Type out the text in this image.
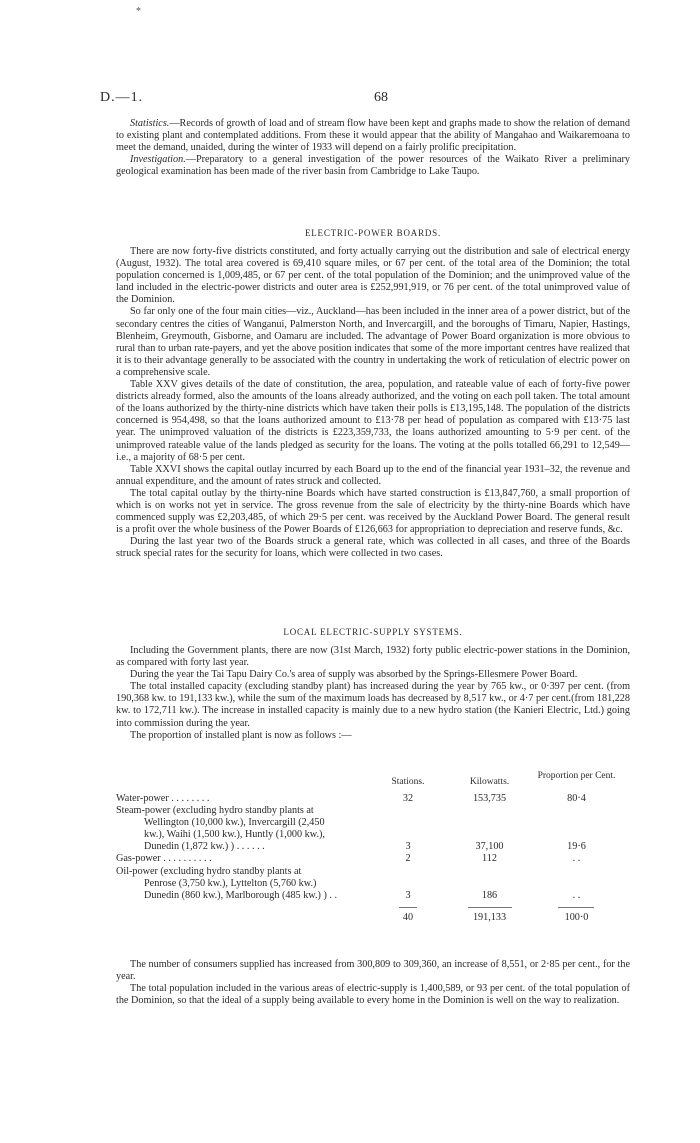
*
D.—1.	68

Statistics.—Records of growth of load and of stream flow have been kept and graphs made to show the relation of demand to existing plant and contemplated additions. From these it would appear that the ability of Mangahao and Waikaremoana to meet the demand, unaided, during the winter of 1933 will depend on a fairly prolific precipitation.

Investigation.—Preparatory to a general investigation of the power resources of the Waikato River a preliminary geological examination has been made of the river basin from Cambridge to Lake Taupo.

ELECTRIC-POWER BOARDS.

There are now forty-five districts constituted, and forty actually carrying out the distribution and sale of electrical energy (August, 1932). The total area covered is 69,410 square miles, or 67 per cent. of the total area of the Dominion; the total population concerned is 1,009,485, or 67 per cent. of the total population of the Dominion; and the unimproved value of the land included in the electric-power districts and outer area is £252,991,919, or 76 per cent. of the total unimproved value of the Dominion.

So far only one of the four main cities—viz., Auckland—has been included in the inner area of a power district, but of the secondary centres the cities of Wanganui, Palmerston North, and Invercargill, and the boroughs of Timaru, Napier, Hastings, Blenheim, Greymouth, Gisborne, and Oamaru are included. The advantage of Power Board organization is more obvious to rural than to urban rate-payers, and yet the above position indicates that some of the more important centres have realized that it is to their advantage generally to be associated with the country in undertaking the work of reticulation of electric power on a comprehensive scale.

Table XXV gives details of the date of constitution, the area, population, and rateable value of each of forty-five power districts already formed, also the amounts of the loans already authorized, and the voting on each poll taken. The total amount of the loans authorized by the thirty-nine districts which have taken their polls is £13,195,148. The population of the districts concerned is 954,498, so that the loans authorized amount to £13·78 per head of population as compared with £13·75 last year. The unimproved valuation of the districts is £223,359,733, the loans authorized amounting to 5·9 per cent. of the unimproved rateable value of the lands pledged as security for the loans. The voting at the polls totalled 66,291 to 12,549—i.e., a majority of 68·5 per cent.

Table XXVI shows the capital outlay incurred by each Board up to the end of the financial year 1931–32, the revenue and annual expenditure, and the amount of rates struck and collected.

The total capital outlay by the thirty-nine Boards which have started construction is £13,847,760, a small proportion of which is on works not yet in service. The gross revenue from the sale of electricity by the thirty-nine Boards which have commenced supply was £2,203,485, of which 29·5 per cent. was received by the Auckland Power Board. The general result is a profit over the whole business of the Power Boards of £126,663 for appropriation to depreciation and reserve funds, &c.

During the last year two of the Boards struck a general rate, which was collected in all cases, and three of the Boards struck special rates for the security for loans, which were collected in two cases.

LOCAL ELECTRIC-SUPPLY SYSTEMS.

Including the Government plants, there are now (31st March, 1932) forty public electric-power stations in the Dominion, as compared with forty last year.

During the year the Tai Tapu Dairy Co.'s area of supply was absorbed by the Springs-Ellesmere Power Board.

The total installed capacity (excluding standby plant) has increased during the year by 765 kw., or 0·397 per cent. (from 190,368 kw. to 191,133 kw.), while the sum of the maximum loads has decreased by 8,517 kw., or 4·7 per cent.(from 181,228 kw. to 172,711 kw.). The increase in installed capacity is mainly due to a new hydro station (the Kanieri Electric, Ltd.) going into commission during the year.

The proportion of installed plant is now as follows :—

Stations.	Kilowatts.
Proportion per Cent.
Water-power . . . . . . . .	32	153,735	80·4
Steam-power (excluding hydro standby plants at
Wellington (10,000 kw.), Invercargill (2,450
kw.), Waihi (1,500 kw.), Huntly (1,000 kw.),
Dunedin (1,872 kw.) ) . . . . . .	3	37,100	19·6
Gas-power . . . . . . . . . .	2	112	. .
Oil-power (excluding hydro standby plants at
Penrose (3,750 kw.), Lyttelton (5,760 kw.)
Dunedin (860 kw.), Marlborough (485 kw.) ) . .	3	186	. .
40	191,133	100·0

The number of consumers supplied has increased from 300,809 to 309,360, an increase of 8,551, or 2·85 per cent., for the year.

The total population included in the various areas of electric-supply is 1,400,589, or 93 per cent. of the total population of the Dominion, so that the ideal of a supply being available to every home in the Dominion is well on the way to realization.
